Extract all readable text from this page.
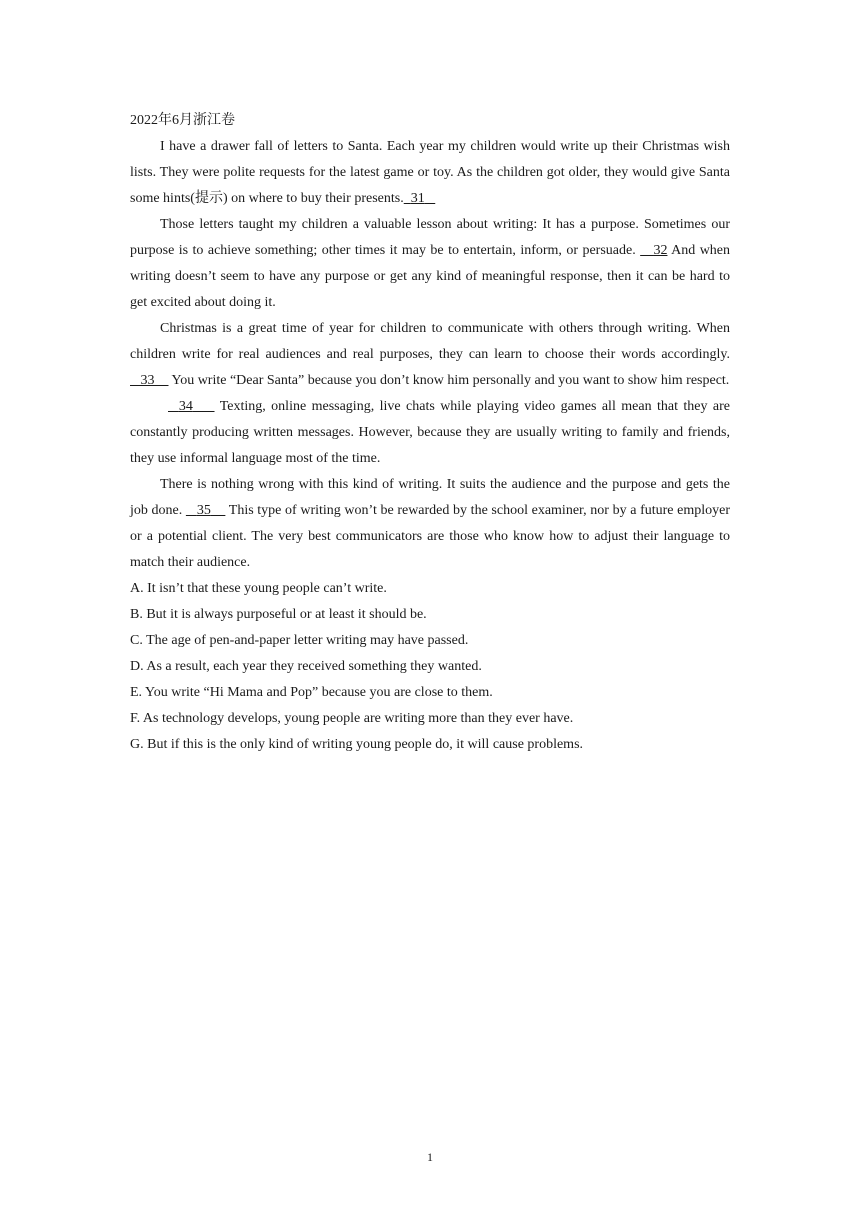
2022年6月浙江卷

I have a drawer fall of letters to Santa. Each year my children would write up their Christmas wish lists. They were polite requests for the latest game or toy. As the children got older, they would give Santa some hints(提示) on where to buy their presents. 31

Those letters taught my children a valuable lesson about writing: It has a purpose. Sometimes our purpose is to achieve something; other times it may be to entertain, inform, or persuade. 32 And when writing doesn’t seem to have any purpose or get any kind of meaningful response, then it can be hard to get excited about doing it.

Christmas is a great time of year for children to communicate with others through writing. When children write for real audiences and real purposes, they can learn to choose their words accordingly.    33 You write “Dear Santa” because you don’t know him personally and you want to show him respect.

34 Texting, online messaging, live chats while playing video games all mean that they are constantly producing written messages. However, because they are usually writing to family and friends, they use informal language most of the time.

There is nothing wrong with this kind of writing. It suits the audience and the purpose and gets the job done. 35 This type of writing won’t be rewarded by the school examiner, nor by a future employer or a potential client. The very best communicators are those who know how to adjust their language to match their audience.

A. It isn’t that these young people can’t write.
B. But it is always purposeful or at least it should be.
C. The age of pen-and-paper letter writing may have passed.
D. As a result, each year they received something they wanted.
E. You write “Hi Mama and Pop” because you are close to them.
F. As technology develops, young people are writing more than they ever have.
G. But if this is the only kind of writing young people do, it will cause problems.
1
